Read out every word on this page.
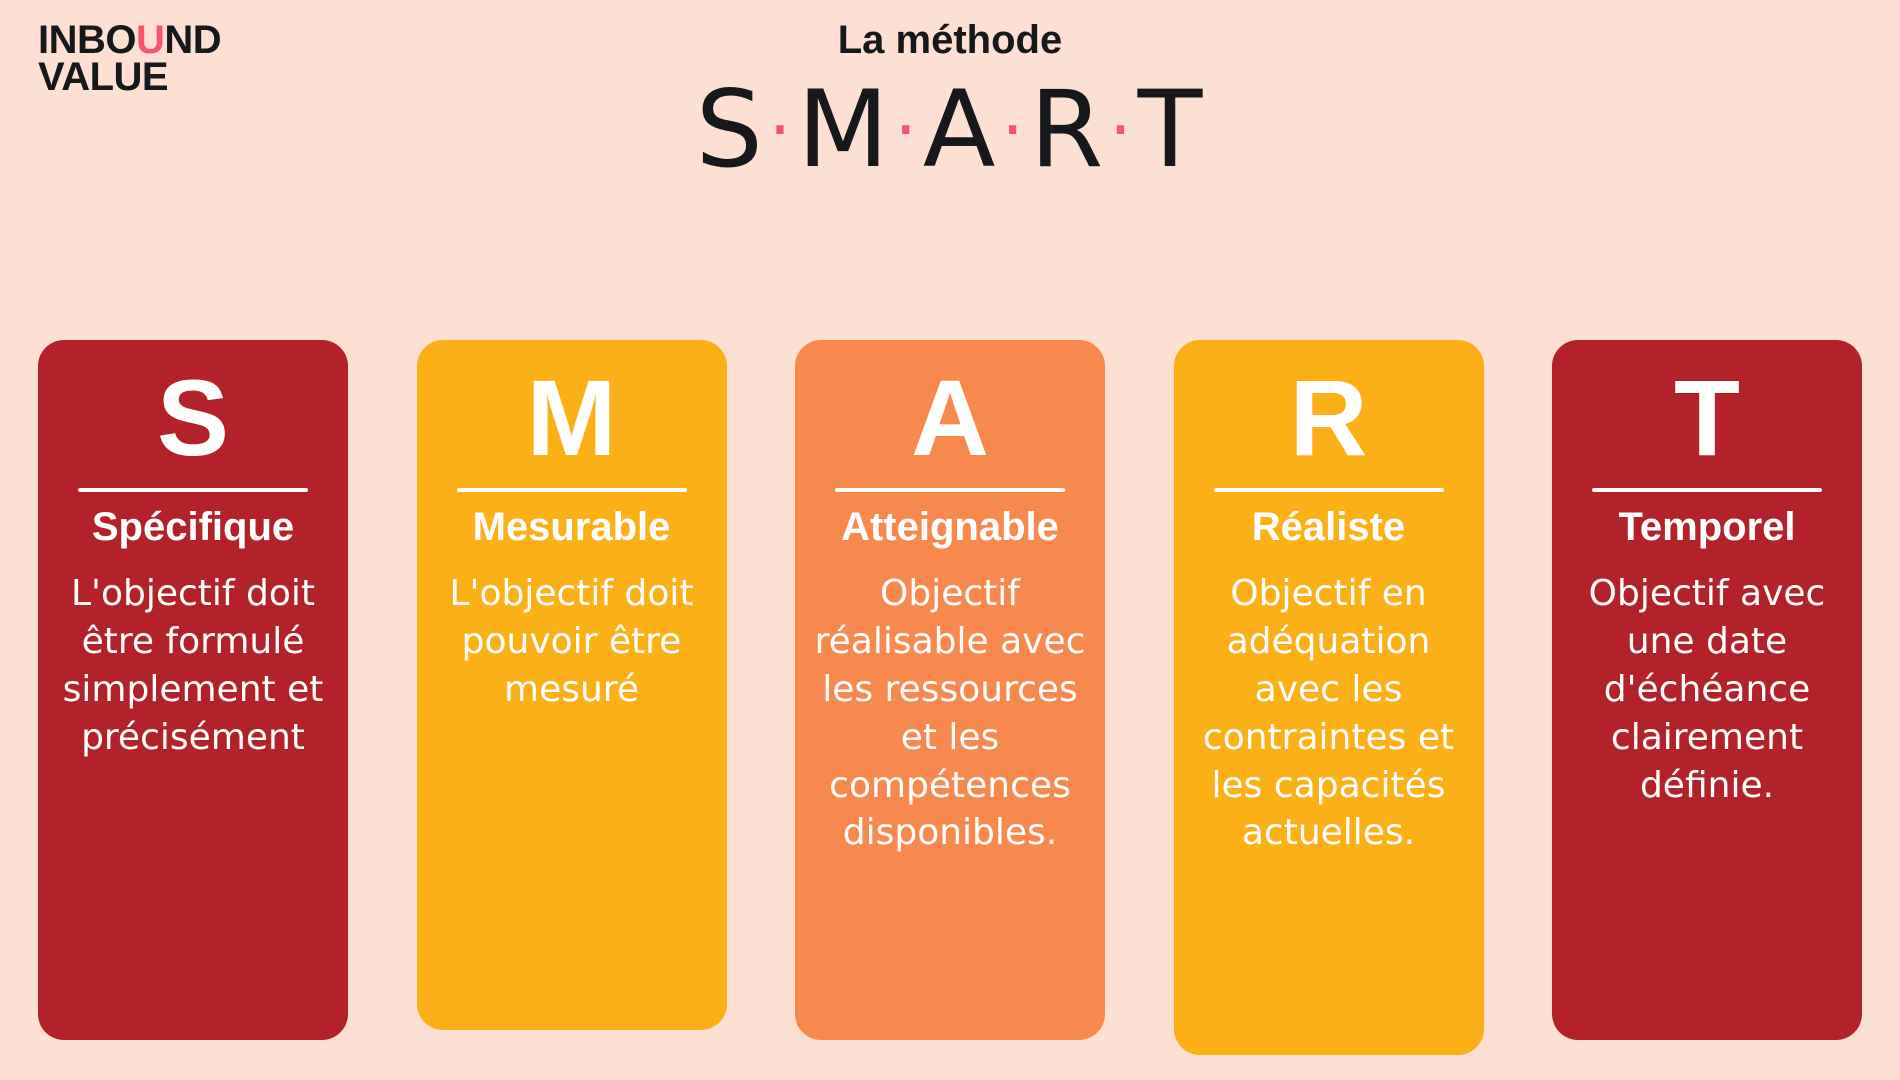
INBOUND
VALUE
La méthode
S·M·A·R·T
S
Spécifique
L'objectif doit être formulé simplement et précisément
M
Mesurable
L'objectif doit pouvoir être mesuré
A
Atteignable
Objectif réalisable avec les ressources et les compétences disponibles.
R
Réaliste
Objectif en adéquation avec les contraintes et les capacités actuelles.
T
Temporel
Objectif avec une date d'échéance clairement définie.
